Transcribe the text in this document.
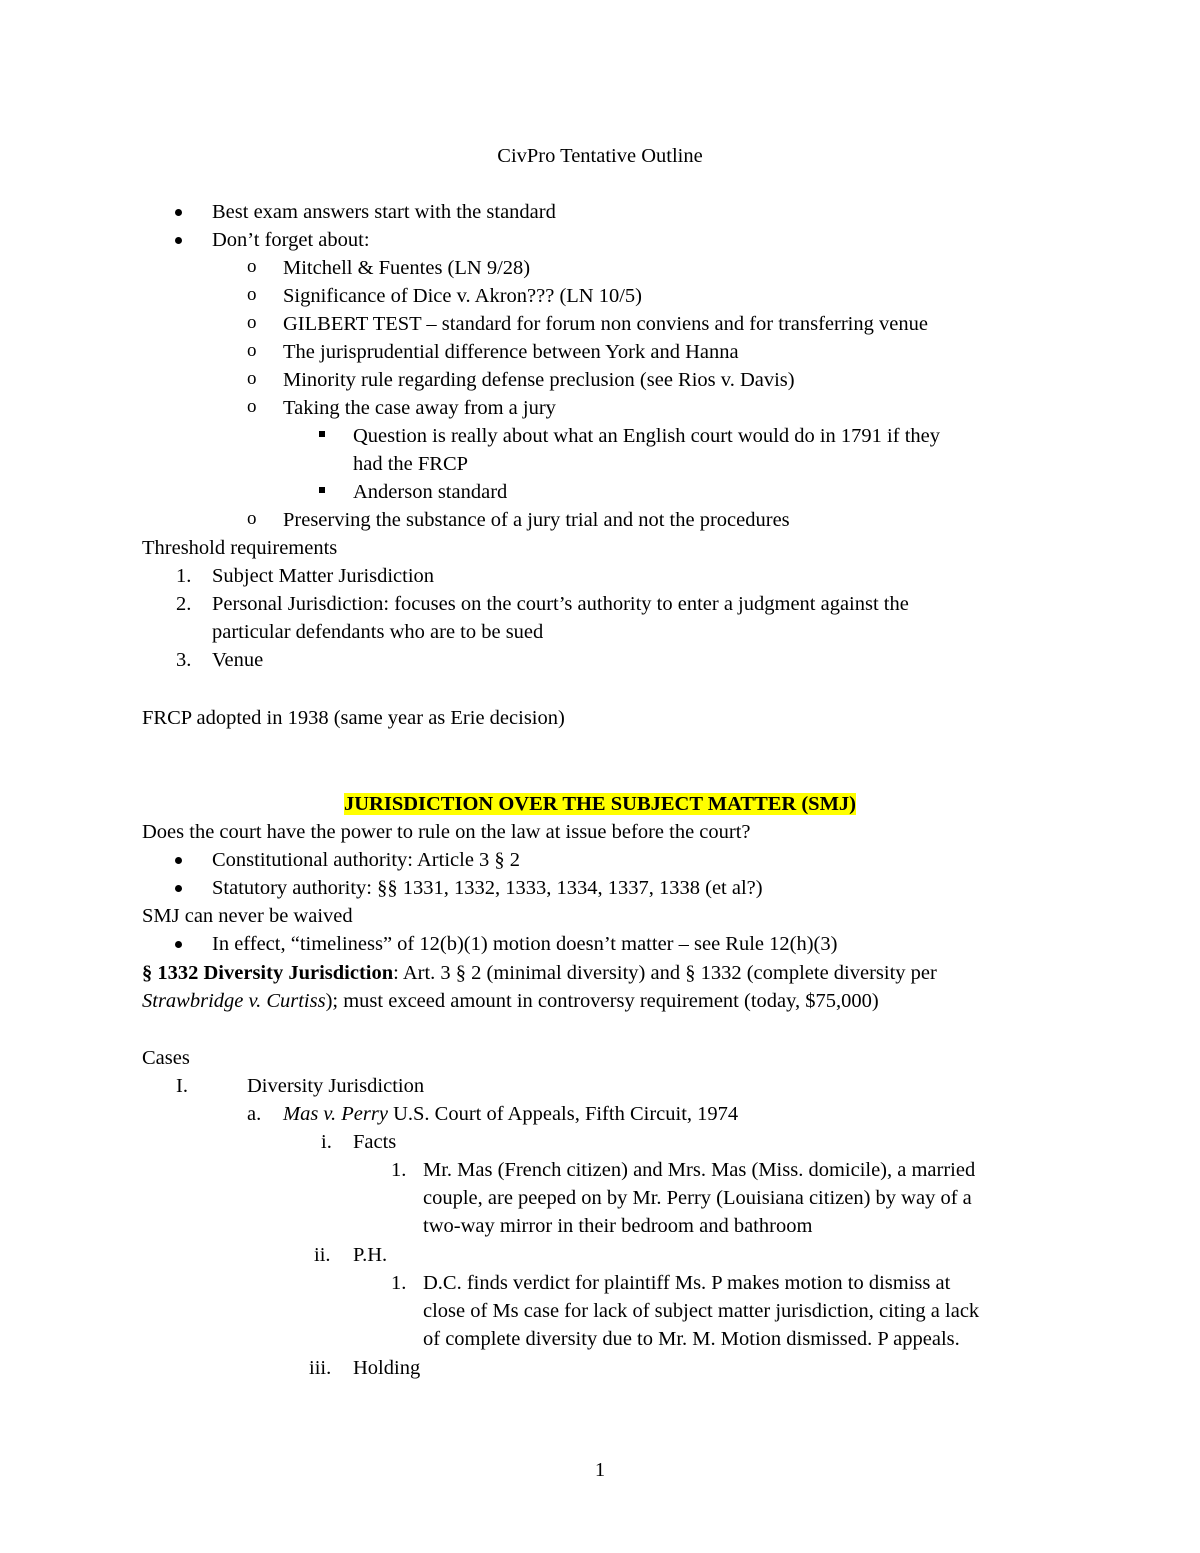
CivPro Tentative Outline
Best exam answers start with the standard
Don’t forget about:
o Mitchell & Fuentes (LN 9/28)
o Significance of Dice v. Akron??? (LN 10/5)
o GILBERT TEST – standard for forum non conviens and for transferring venue
o The jurisprudential difference between York and Hanna
o Minority rule regarding defense preclusion (see Rios v. Davis)
o Taking the case away from a jury
Question is really about what an English court would do in 1791 if they
had the FRCP
Anderson standard
o Preserving the substance of a jury trial and not the procedures
Threshold requirements
1. Subject Matter Jurisdiction
2. Personal Jurisdiction: focuses on the court’s authority to enter a judgment against the
particular defendants who are to be sued
3. Venue
FRCP adopted in 1938 (same year as Erie decision)
JURISDICTION OVER THE SUBJECT MATTER (SMJ)
Does the court have the power to rule on the law at issue before the court?
Constitutional authority: Article 3 § 2
Statutory authority: §§ 1331, 1332, 1333, 1334, 1337, 1338 (et al?)
SMJ can never be waived
In effect, “timeliness” of 12(b)(1) motion doesn’t matter – see Rule 12(h)(3)
§ 1332 Diversity Jurisdiction: Art. 3 § 2 (minimal diversity) and § 1332 (complete diversity per
Strawbridge v. Curtiss); must exceed amount in controversy requirement (today, $75,000)
Cases
I.	Diversity Jurisdiction
a. Mas v. Perry U.S. Court of Appeals, Fifth Circuit, 1974
i. Facts
1. Mr. Mas (French citizen) and Mrs. Mas (Miss. domicile), a married
couple, are peeped on by Mr. Perry (Louisiana citizen) by way of a
two-way mirror in their bedroom and bathroom
ii. P.H.
1. D.C. finds verdict for plaintiff Ms. P makes motion to dismiss at
close of Ms case for lack of subject matter jurisdiction, citing a lack
of complete diversity due to Mr. M. Motion dismissed. P appeals.
iii. Holding
1
